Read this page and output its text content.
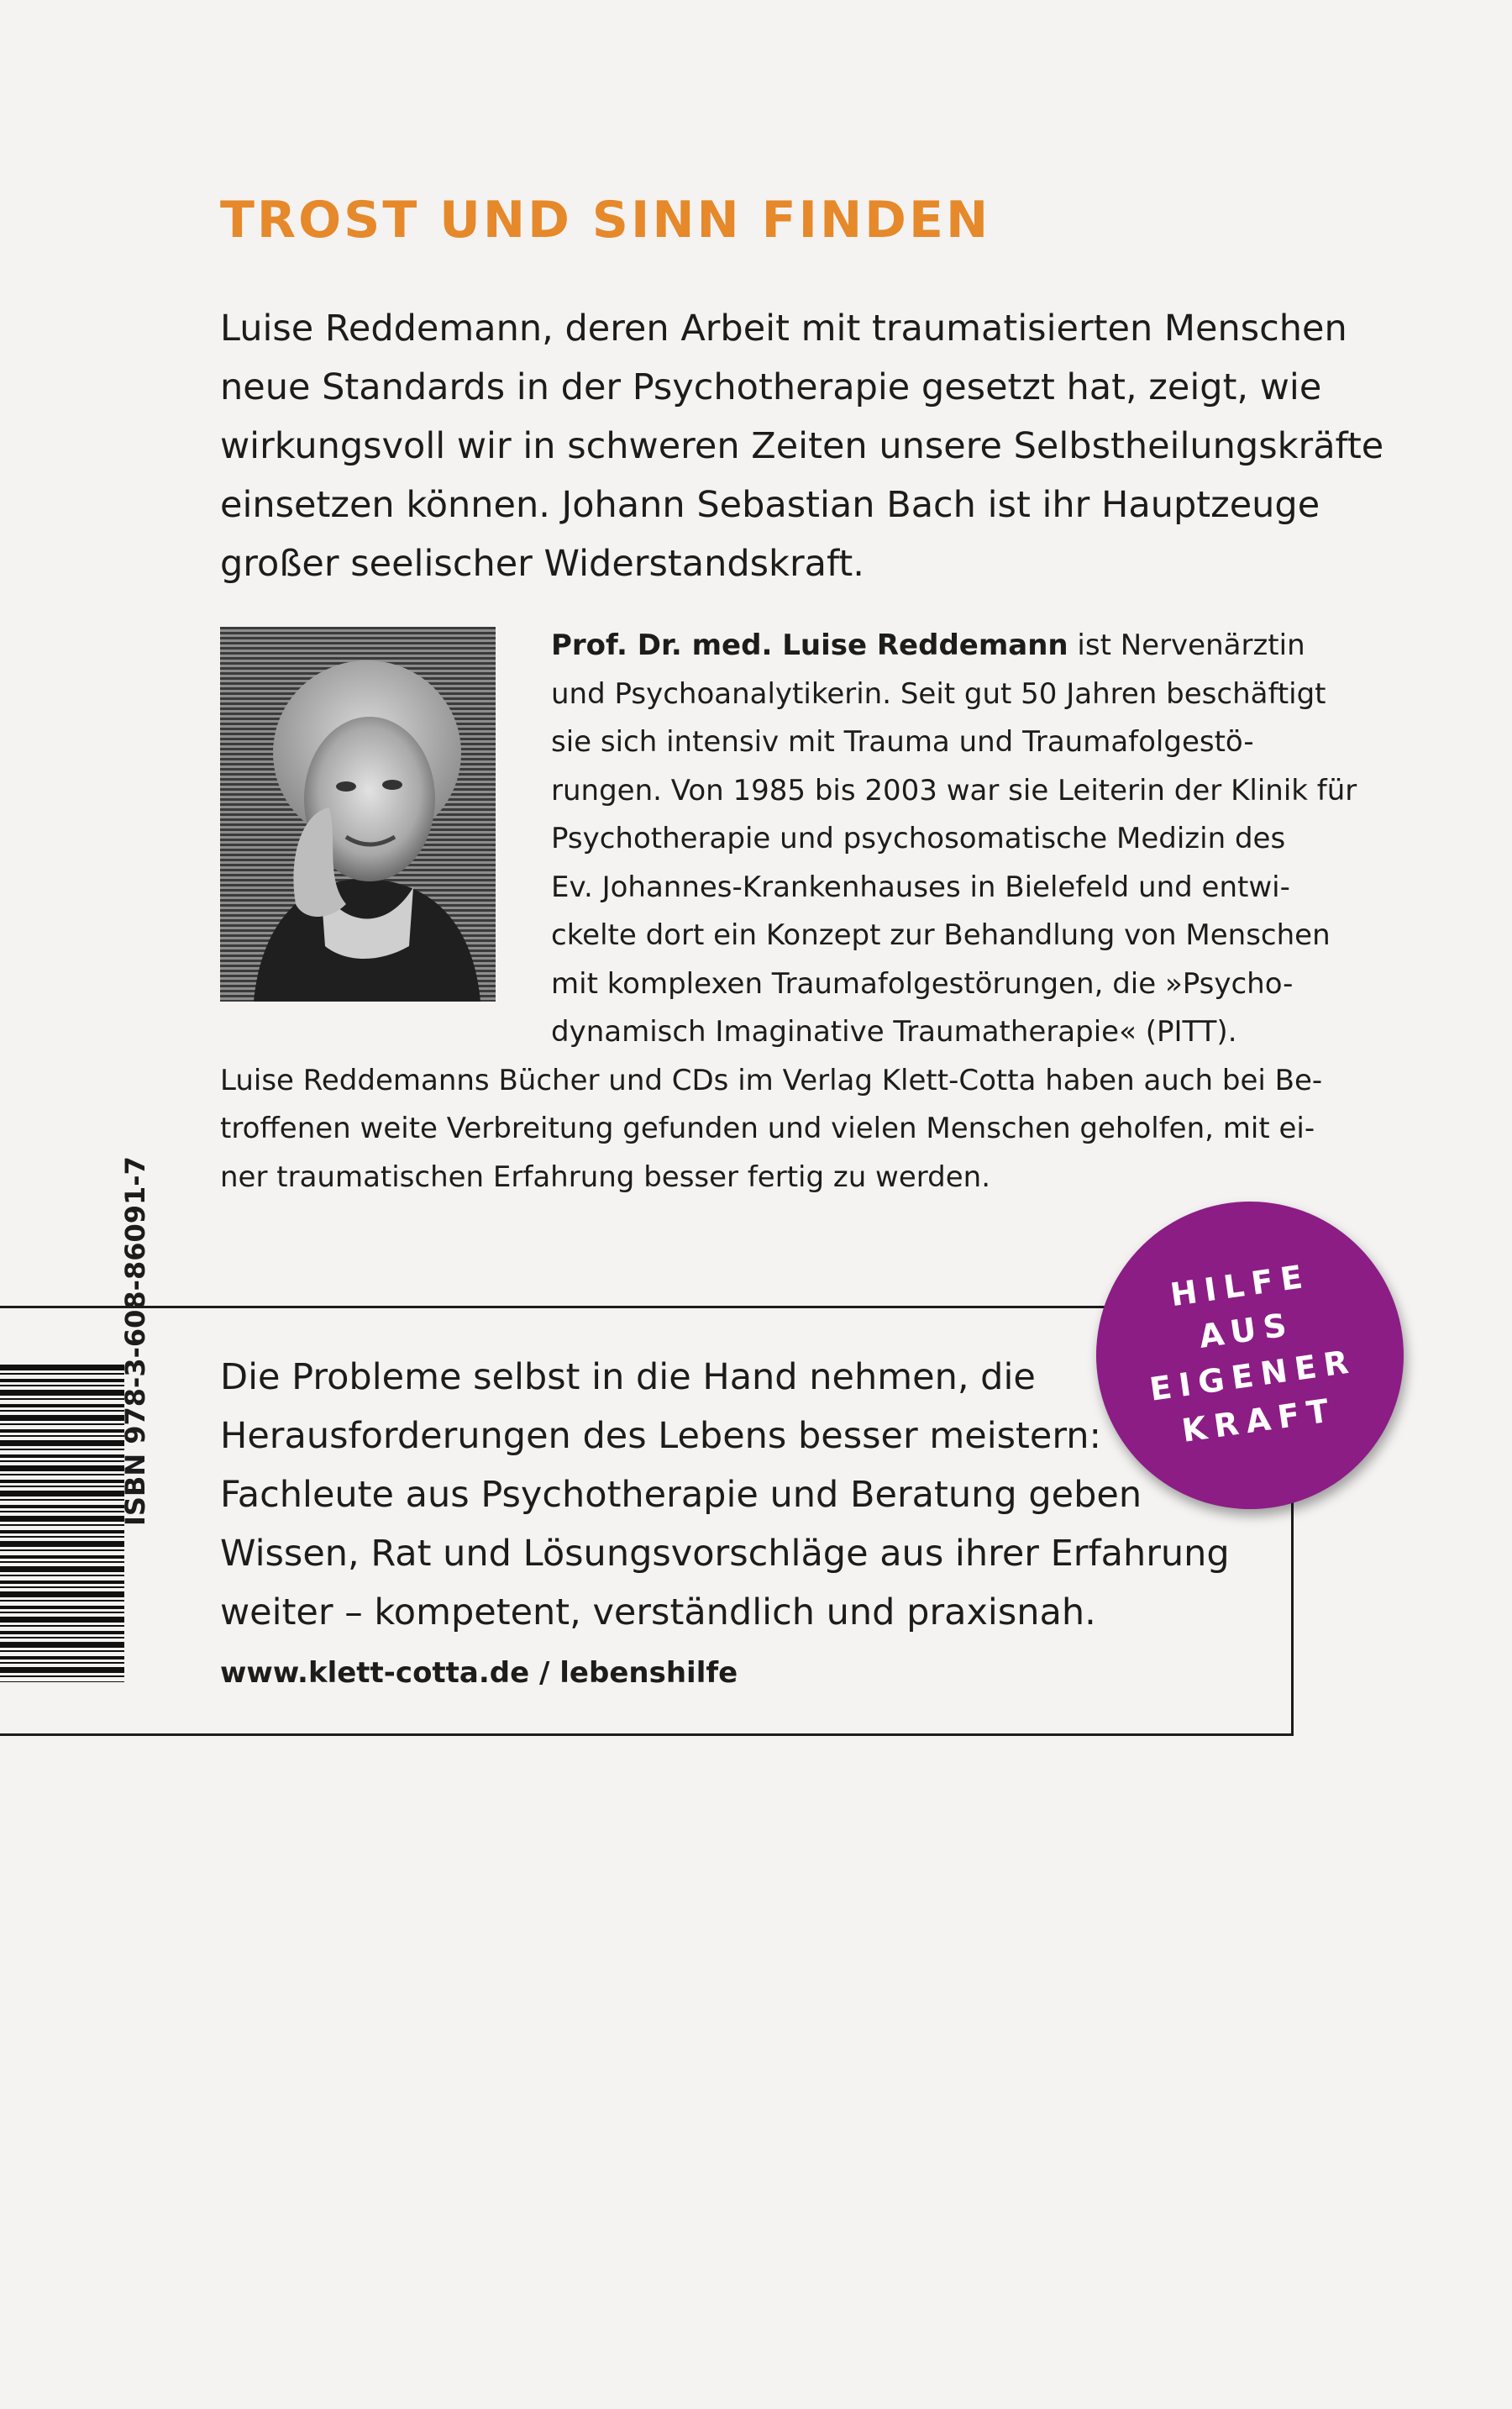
TROST UND SINN FINDEN
Luise Reddemann, deren Arbeit mit traumatisierten Menschen
neue Standards in der Psychotherapie gesetzt hat, zeigt, wie
wirkungsvoll wir in schweren Zeiten unsere Selbstheilungskräfte
einsetzen können. Johann Sebastian Bach ist ihr Hauptzeuge
großer seelischer Widerstandskraft.
Prof. Dr. med. Luise Reddemann ist Nervenärztin
und Psychoanalytikerin. Seit gut 50 Jahren beschäftigt
sie sich intensiv mit Trauma und Traumafolgestö-
rungen. Von 1985 bis 2003 war sie Leiterin der Klinik für
Psychotherapie und psychosomatische Medizin des
Ev. Johannes-Krankenhauses in Bielefeld und entwi-
ckelte dort ein Konzept zur Behandlung von Menschen
mit komplexen Traumafolgestörungen, die »Psycho-
dynamisch Imaginative Traumatherapie« (PITT).
Luise Reddemanns Bücher und CDs im Verlag Klett-Cotta haben auch bei Be-
troffenen weite Verbreitung gefunden und vielen Menschen geholfen, mit ei-
ner traumatischen Erfahrung besser fertig zu werden.
ISBN 978-3-608-86091-7 Die Probleme selbst in die Hand nehmen, die
Herausforderungen des Lebens besser meistern:
Fachleute aus Psychotherapie und Beratung geben
Wissen, Rat und Lösungsvorschläge aus ihrer Erfahrung
weiter – kompetent, verständlich und praxisnah.
www.klett-cotta.de / lebenshilfe
HILFE
AUS
EIGENER
KRAFT
